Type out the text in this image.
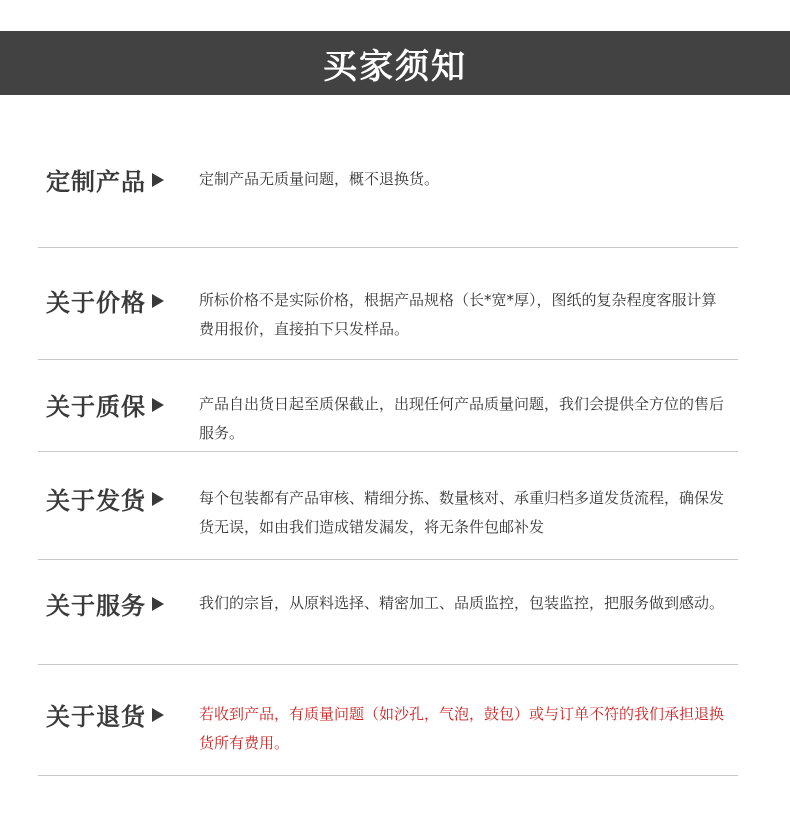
买家须知
定制产品	定制产品无质量问题，概不退换货。
关于价格	所标价格不是实际价格，根据产品规格（长*宽*厚），图纸的复杂程度客服计算费用报价，直接拍下只发样品。
关于质保	产品自出货日起至质保截止，出现任何产品质量问题，我们会提供全方位的售后服务。
关于发货	每个包装都有产品审核、精细分拣、数量核对、承重归档多道发货流程，确保发货无误，如由我们造成错发漏发，将无条件包邮补发
关于服务	我们的宗旨，从原料选择、精密加工、品质监控，包装监控，把服务做到感动。
关于退货	若收到产品，有质量问题（如沙孔，气泡，鼓包）或与订单不符的我们承担退换货所有费用。
